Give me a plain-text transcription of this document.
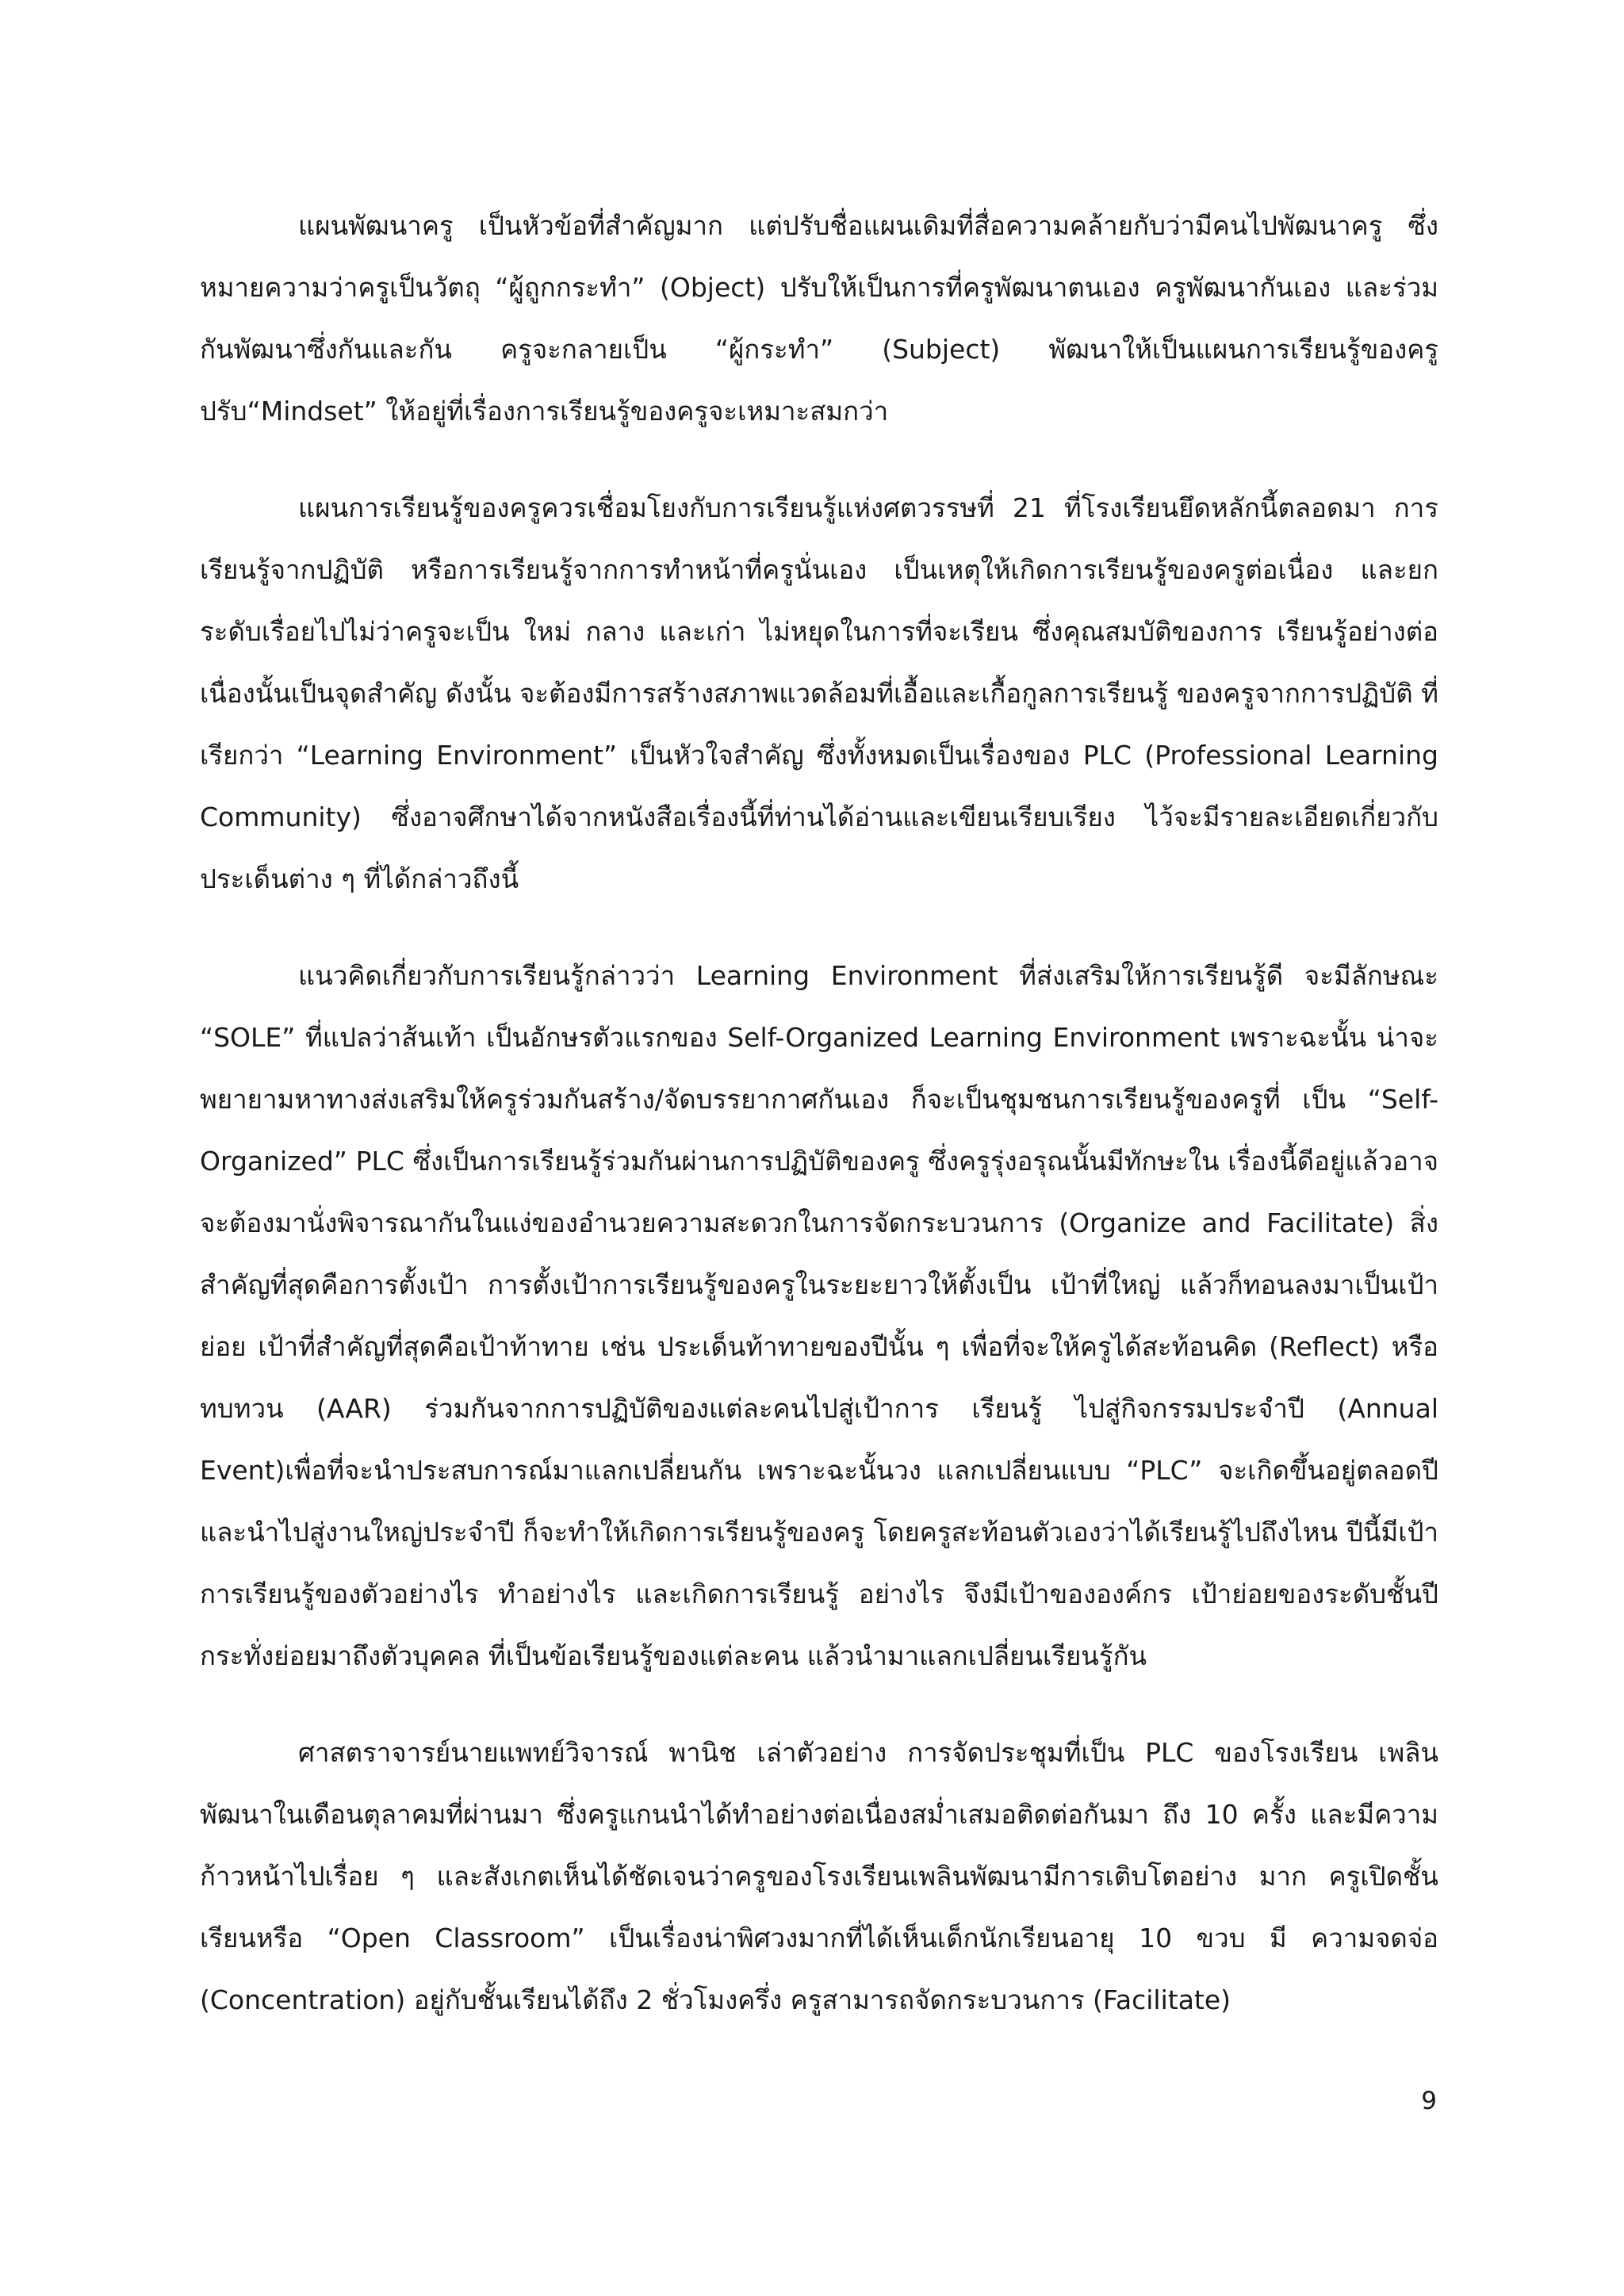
แผนพัฒนาครู เป็นหัวข้อที่สำคัญมาก แต่ปรับชื่อแผนเดิมที่สื่อความคล้ายกับว่ามีคนไปพัฒนาครู ซึ่งหมายความว่าครูเป็นวัตถุ “ผู้ถูกกระทำ” (Object) ปรับให้เป็นการที่ครูพัฒนาตนเอง ครูพัฒนากันเอง และร่วมกันพัฒนาซึ่งกันและกัน ครูจะกลายเป็น “ผู้กระทำ” (Subject) พัฒนาให้เป็นแผนการเรียนรู้ของครู ปรับ“Mindset” ให้อยู่ที่เรื่องการเรียนรู้ของครูจะเหมาะสมกว่า

แผนการเรียนรู้ของครูควรเชื่อมโยงกับการเรียนรู้แห่งศตวรรษที่ 21 ที่โรงเรียนยึดหลักนี้ตลอดมา การเรียนรู้จากปฏิบัติ หรือการเรียนรู้จากการทำหน้าที่ครูนั่นเอง เป็นเหตุให้เกิดการเรียนรู้ของครูต่อเนื่อง และยกระดับเรื่อยไปไม่ว่าครูจะเป็น ใหม่ กลาง และเก่า ไม่หยุดในการที่จะเรียน ซึ่งคุณสมบัติของการ เรียนรู้อย่างต่อเนื่องนั้นเป็นจุดสำคัญ ดังนั้น จะต้องมีการสร้างสภาพแวดล้อมที่เอื้อและเกื้อกูลการเรียนรู้ ของครูจากการปฏิบัติ ที่เรียกว่า “Learning Environment” เป็นหัวใจสำคัญ ซึ่งทั้งหมดเป็นเรื่องของ PLC (Professional Learning Community) ซึ่งอาจศึกษาได้จากหนังสือเรื่องนี้ที่ท่านได้อ่านและเขียนเรียบเรียง ไว้จะมีรายละเอียดเกี่ยวกับประเด็นต่าง ๆ ที่ได้กล่าวถึงนี้

แนวคิดเกี่ยวกับการเรียนรู้กล่าวว่า Learning Environment ที่ส่งเสริมให้การเรียนรู้ดี จะมีลักษณะ “SOLE” ที่แปลว่าส้นเท้า เป็นอักษรตัวแรกของ Self-Organized Learning Environment เพราะฉะนั้น น่าจะพยายามหาทางส่งเสริมให้ครูร่วมกันสร้าง/จัดบรรยากาศกันเอง ก็จะเป็นชุมชนการเรียนรู้ของครูที่ เป็น “Self-Organized” PLC ซึ่งเป็นการเรียนรู้ร่วมกันผ่านการปฏิบัติของครู ซึ่งครูรุ่งอรุณนั้นมีทักษะใน เรื่องนี้ดีอยู่แล้วอาจจะต้องมานั่งพิจารณากันในแง่ของอำนวยความสะดวกในการจัดกระบวนการ (Organize and Facilitate) สิ่งสำคัญที่สุดคือการตั้งเป้า การตั้งเป้าการเรียนรู้ของครูในระยะยาวให้ตั้งเป็น เป้าที่ใหญ่ แล้วก็ทอนลงมาเป็นเป้าย่อย เป้าที่สำคัญที่สุดคือเป้าท้าทาย เช่น ประเด็นท้าทายของปีนั้น ๆ เพื่อที่จะให้ครูได้สะท้อนคิด (Reflect) หรือทบทวน (AAR) ร่วมกันจากการปฏิบัติของแต่ละคนไปสู่เป้าการ เรียนรู้ ไปสู่กิจกรรมประจำปี (Annual Event)เพื่อที่จะนำประสบการณ์มาแลกเปลี่ยนกัน เพราะฉะนั้นวง แลกเปลี่ยนแบบ “PLC” จะเกิดขึ้นอยู่ตลอดปี และนำไปสู่งานใหญ่ประจำปี ก็จะทำให้เกิดการเรียนรู้ของครู โดยครูสะท้อนตัวเองว่าได้เรียนรู้ไปถึงไหน ปีนี้มีเป้าการเรียนรู้ของตัวอย่างไร ทำอย่างไร และเกิดการเรียนรู้ อย่างไร จึงมีเป้าขององค์กร เป้าย่อยของระดับชั้นปี กระทั่งย่อยมาถึงตัวบุคคล ที่เป็นข้อเรียนรู้ของแต่ละคน แล้วนำมาแลกเปลี่ยนเรียนรู้กัน

ศาสตราจารย์นายแพทย์วิจารณ์ พานิช เล่าตัวอย่าง การจัดประชุมที่เป็น PLC ของโรงเรียน เพลินพัฒนาในเดือนตุลาคมที่ผ่านมา ซึ่งครูแกนนำได้ทำอย่างต่อเนื่องสม่ำเสมอติดต่อกันมา ถึง 10 ครั้ง และมีความก้าวหน้าไปเรื่อย ๆ และสังเกตเห็นได้ชัดเจนว่าครูของโรงเรียนเพลินพัฒนามีการเติบโตอย่าง มาก ครูเปิดชั้นเรียนหรือ “Open Classroom” เป็นเรื่องน่าพิศวงมากที่ได้เห็นเด็กนักเรียนอายุ 10 ขวบ มี ความจดจ่อ (Concentration) อยู่กับชั้นเรียนได้ถึง 2 ชั่วโมงครึ่ง ครูสามารถจัดกระบวนการ (Facilitate)

9
